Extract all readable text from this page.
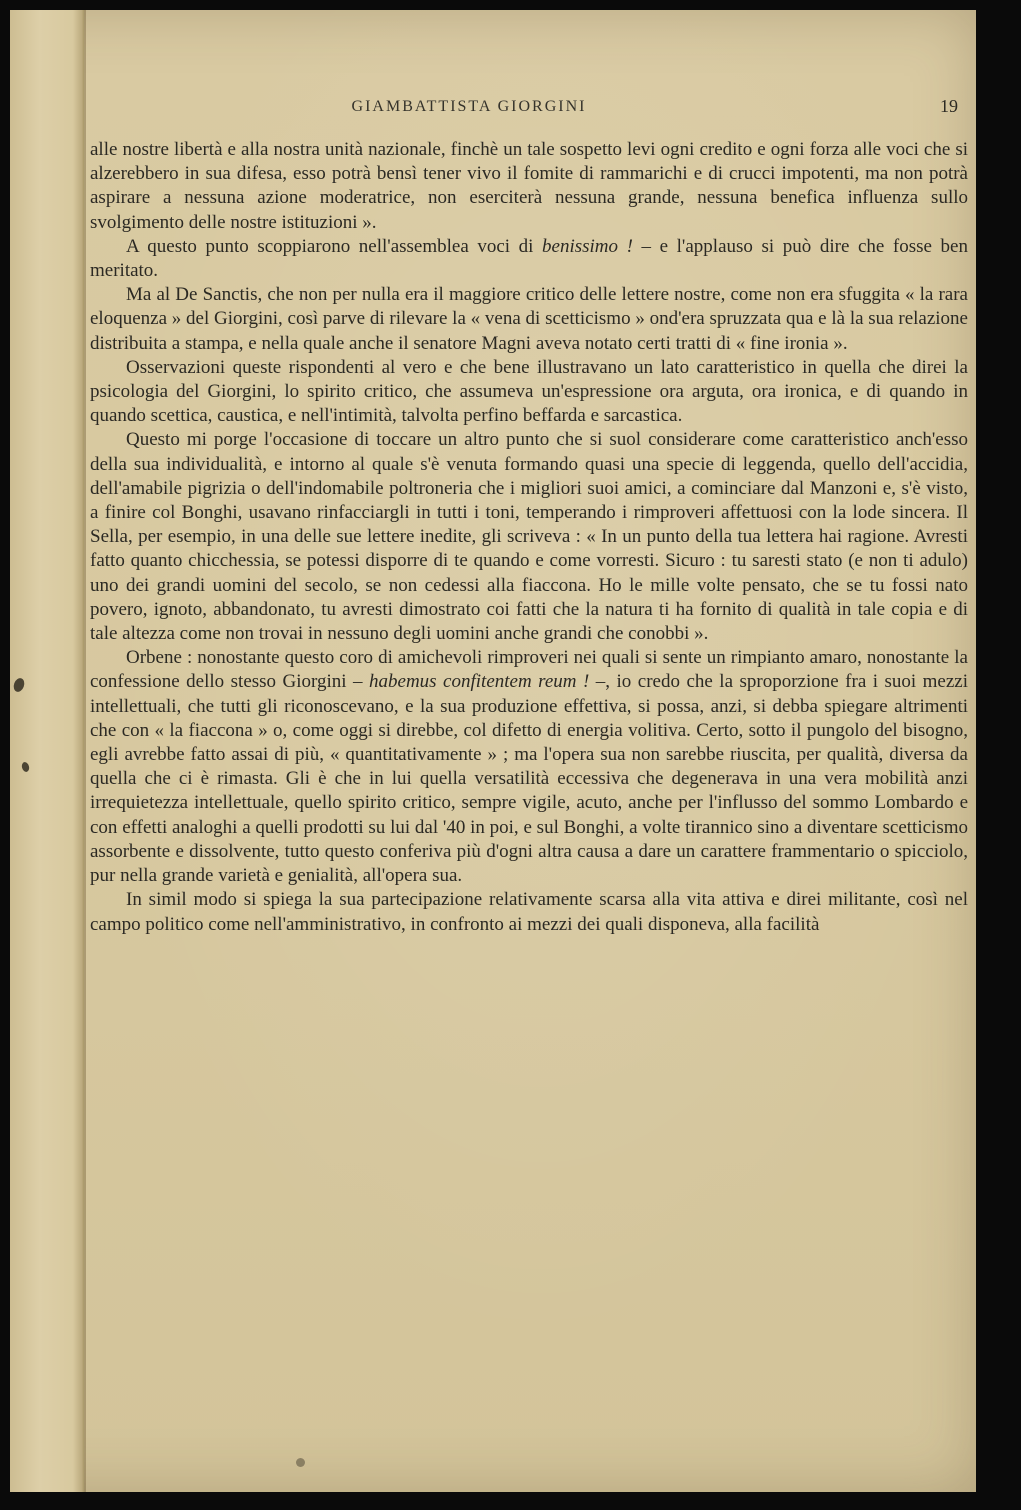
GIAMBATTISTA GIORGINI	19

alle nostre libertà e alla nostra unità nazionale, finchè un tale sospetto levi ogni credito e ogni forza alle voci che si alzerebbero in sua difesa, esso potrà bensì tener vivo il fomite di rammarichi e di crucci impotenti, ma non potrà aspirare a nessuna azione moderatrice, non eserciterà nessuna grande, nessuna benefica influenza sullo svolgimento delle nostre istituzioni ».

A questo punto scoppiarono nell'assemblea voci di benissimo ! – e l'applauso si può dire che fosse ben meritato.

Ma al De Sanctis, che non per nulla era il maggiore critico delle lettere nostre, come non era sfuggita « la rara eloquenza » del Giorgini, così parve di rilevare la « vena di scetticismo » ond'era spruzzata qua e là la sua relazione distribuita a stampa, e nella quale anche il senatore Magni aveva notato certi tratti di « fine ironia ».

Osservazioni queste rispondenti al vero e che bene illustravano un lato caratteristico in quella che direi la psicologia del Giorgini, lo spirito critico, che assumeva un'espressione ora arguta, ora ironica, e di quando in quando scettica, caustica, e nell'intimità, talvolta perfino beffarda e sarcastica.

Questo mi porge l'occasione di toccare un altro punto che si suol considerare come caratteristico anch'esso della sua individualità, e intorno al quale s'è venuta formando quasi una specie di leggenda, quello dell'accidia, dell'amabile pigrizia o dell'indomabile poltroneria che i migliori suoi amici, a cominciare dal Manzoni e, s'è visto, a finire col Bonghi, usavano rinfacciargli in tutti i toni, temperando i rimproveri affettuosi con la lode sincera. Il Sella, per esempio, in una delle sue lettere inedite, gli scriveva : « In un punto della tua lettera hai ragione. Avresti fatto quanto chicchessia, se potessi disporre di te quando e come vorresti. Sicuro : tu saresti stato (e non ti adulo) uno dei grandi uomini del secolo, se non cedessi alla fiaccona. Ho le mille volte pensato, che se tu fossi nato povero, ignoto, abbandonato, tu avresti dimostrato coi fatti che la natura ti ha fornito di qualità in tale copia e di tale altezza come non trovai in nessuno degli uomini anche grandi che conobbi ».

Orbene : nonostante questo coro di amichevoli rimproveri nei quali si sente un rimpianto amaro, nonostante la confessione dello stesso Giorgini – habemus confitentem reum ! –, io credo che la sproporzione fra i suoi mezzi intellettuali, che tutti gli riconoscevano, e la sua produzione effettiva, si possa, anzi, si debba spiegare altrimenti che con « la fiaccona » o, come oggi si direbbe, col difetto di energia volitiva. Certo, sotto il pungolo del bisogno, egli avrebbe fatto assai di più, « quantitativamente » ; ma l'opera sua non sarebbe riuscita, per qualità, diversa da quella che ci è rimasta. Gli è che in lui quella versatilità eccessiva che degenerava in una vera mobilità anzi irrequietezza intellettuale, quello spirito critico, sempre vigile, acuto, anche per l'influsso del sommo Lombardo e con effetti analoghi a quelli prodotti su lui dal '40 in poi, e sul Bonghi, a volte tirannico sino a diventare scetticismo assorbente e dissolvente, tutto questo conferiva più d'ogni altra causa a dare un carattere frammentario o spicciolo, pur nella grande varietà e genialità, all'opera sua.

In simil modo si spiega la sua partecipazione relativamente scarsa alla vita attiva e direi militante, così nel campo politico come nell'amministrativo, in confronto ai mezzi dei quali disponeva, alla facilità
